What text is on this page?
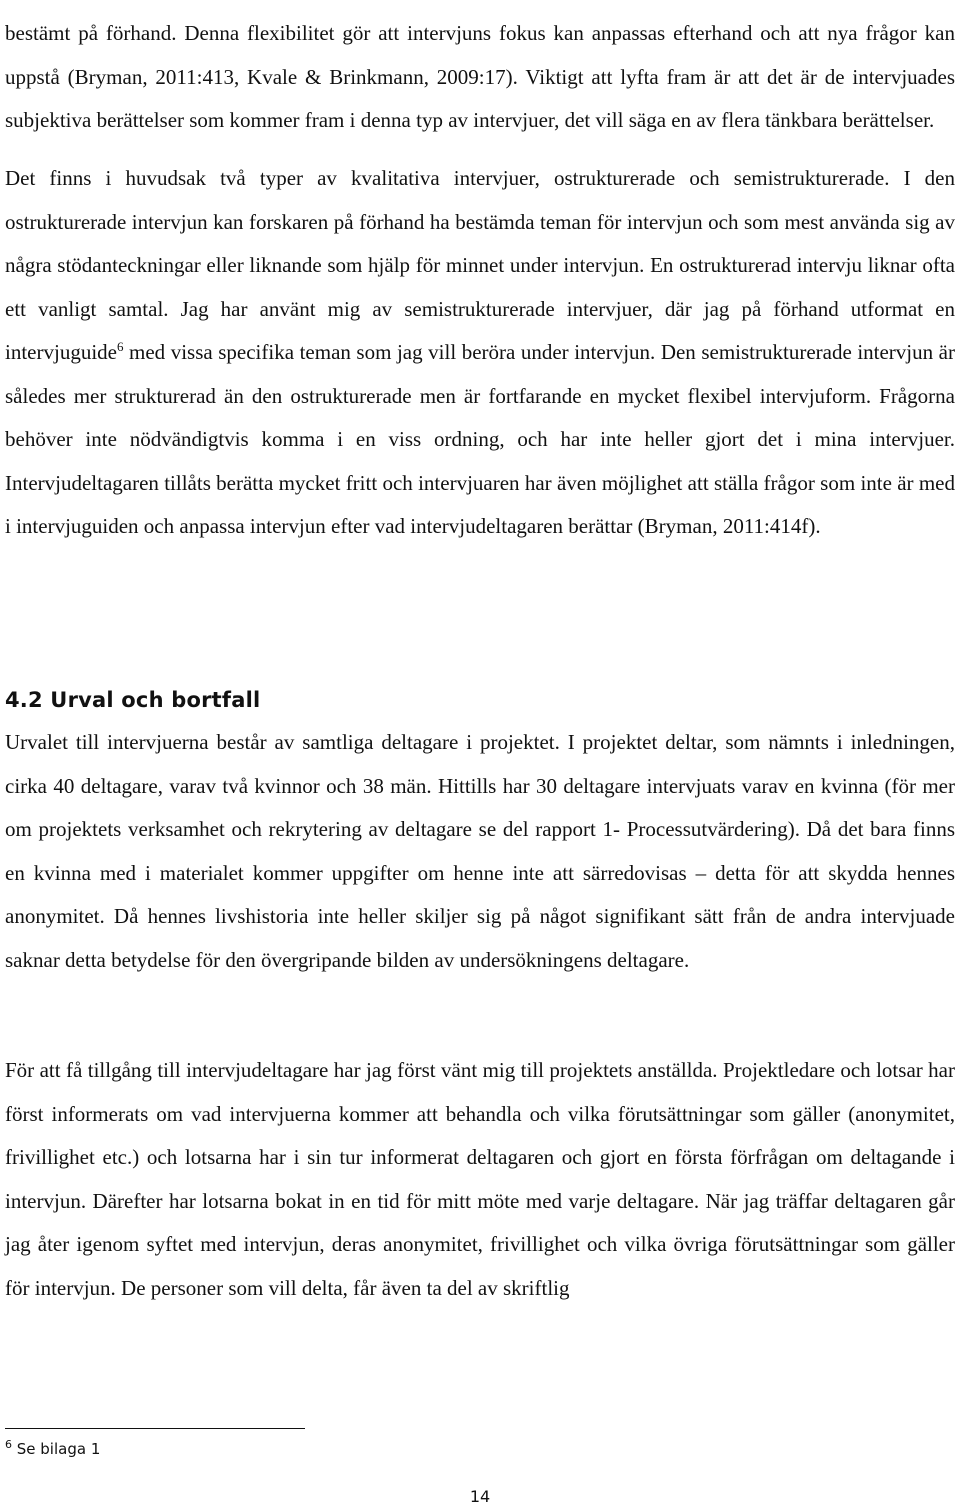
bestämt på förhand. Denna flexibilitet gör att intervjuns fokus kan anpassas efterhand och att nya frågor kan uppstå (Bryman, 2011:413, Kvale & Brinkmann, 2009:17). Viktigt att lyfta fram är att det är de intervjuades subjektiva berättelser som kommer fram i denna typ av intervjuer, det vill säga en av flera tänkbara berättelser.

Det finns i huvudsak två typer av kvalitativa intervjuer, ostrukturerade och semistrukturerade. I den ostrukturerade intervjun kan forskaren på förhand ha bestämda teman för intervjun och som mest använda sig av några stödanteckningar eller liknande som hjälp för minnet under intervjun. En ostrukturerad intervju liknar ofta ett vanligt samtal. Jag har använt mig av semistrukturerade intervjuer, där jag på förhand utformat en intervjuguide$^6$ med vissa specifika teman som jag vill beröra under intervjun. Den semistrukturerade intervjun är således mer strukturerad än den ostrukturerade men är fortfarande en mycket flexibel intervjuform. Frågorna behöver inte nödvändigtvis komma i en viss ordning, och har inte heller gjort det i mina intervjuer. Intervjudeltagaren tillåts berätta mycket fritt och intervjuaren har även möjlighet att ställa frågor som inte är med i intervjuguiden och anpassa intervjun efter vad intervjudeltagaren berättar (Bryman, 2011:414f).

4.2 Urval och bortfall

Urvalet till intervjuerna består av samtliga deltagare i projektet. I projektet deltar, som nämnts i inledningen, cirka 40 deltagare, varav två kvinnor och 38 män. Hittills har 30 deltagare intervjuats varav en kvinna (för mer om projektets verksamhet och rekrytering av deltagare se del rapport 1- Processutvärdering). Då det bara finns en kvinna med i materialet kommer uppgifter om henne inte att särredovisas – detta för att skydda hennes anonymitet. Då hennes livshistoria inte heller skiljer sig på något signifikant sätt från de andra intervjuade saknar detta betydelse för den övergripande bilden av undersökningens deltagare.

För att få tillgång till intervjudeltagare har jag först vänt mig till projektets anställda. Projektledare och lotsar har först informerats om vad intervjuerna kommer att behandla och vilka förutsättningar som gäller (anonymitet, frivillighet etc.) och lotsarna har i sin tur informerat deltagaren och gjort en första förfrågan om deltagande i intervjun. Därefter har lotsarna bokat in en tid för mitt möte med varje deltagare. När jag träffar deltagaren går jag åter igenom syftet med intervjun, deras anonymitet, frivillighet och vilka övriga förutsättningar som gäller för intervjun. De personer som vill delta, får även ta del av skriftlig

$^6$ Se bilaga 1

14
